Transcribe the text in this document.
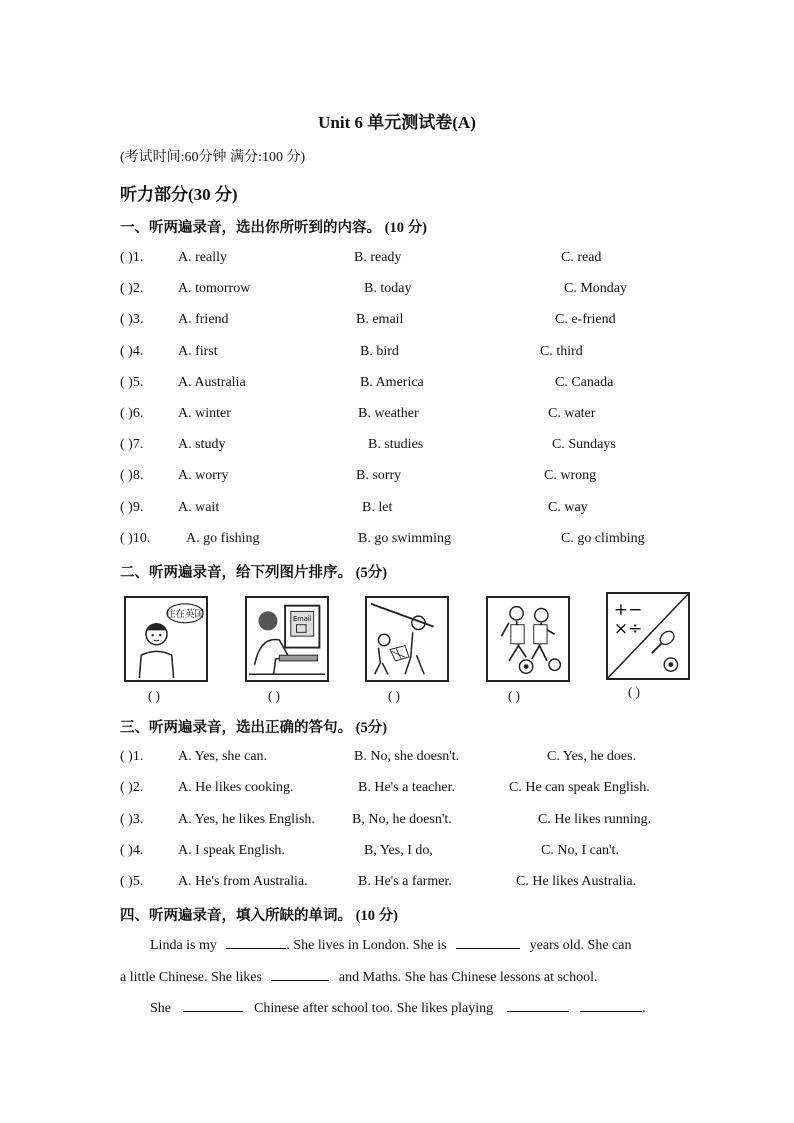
Unit 6 单元测试卷(A)
(考试时间:60分钟 满分:100 分)
听力部分(30 分)
一、听两遍录音，选出你所听到的内容。 (10 分)
( )1. A. really	B. ready	C. read
( )2. A. tomorrow	B. today	C. Monday
( )3. A. friend	B. email	C. e-friend
( )4. A. first	B. bird	C. third
( )5. A. Australia	B. America	C. Canada
( )6. A. winter	B. weather	C. water
( )7. A. study	B. studies	C. Sundays
( )8. A. worry	B. sorry	C. wrong
( )9. A. wait	B. let	C. way
( )10.	A. go fishing	B. go swimming	C. go climbing
二、听两遍录音，给下列图片排序。 (5分)
住在英国	Email	+−
×÷
( )	( )	( )	( )	( )
三、听两遍录音，选出正确的答句。 (5分)
( )1. A. Yes, she can.	B. No, she doesn't.	C. Yes, he does.
( )2. A. He likes cooking.	B. He's a teacher.	C. He can speak English.
( )3. A. Yes, he likes English.	B, No, he doesn't.	C. He likes running.
( )4. A. I speak English.	B, Yes, I do,	C. No, I can't.
( )5. A. He's from Australia.	B. He's a farmer.	C. He likes Australia.
四、听两遍录音，填入所缺的单词。 (10 分)
Linda is my	. She lives in London. She is	years old. She can
a little Chinese. She likes	and Maths. She has Chinese lessons at school.
She	Chinese after school too. She likes playing	.
